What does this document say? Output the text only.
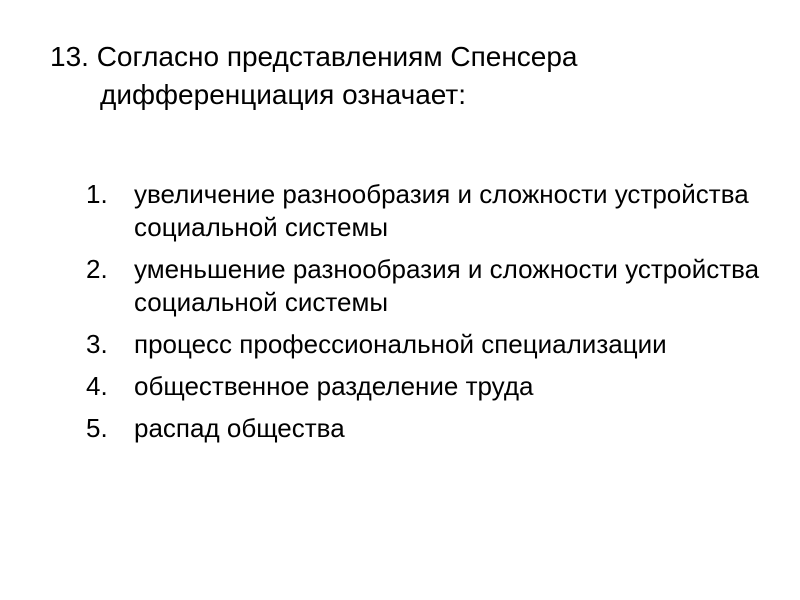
13. Согласно представлениям Спенсера дифференциация означает:

1. увеличение разнообразия и сложности устройства социальной системы
2. уменьшение разнообразия и сложности устройства социальной системы
3. процесс профессиональной специализации
4. общественное разделение труда
5. распад общества
